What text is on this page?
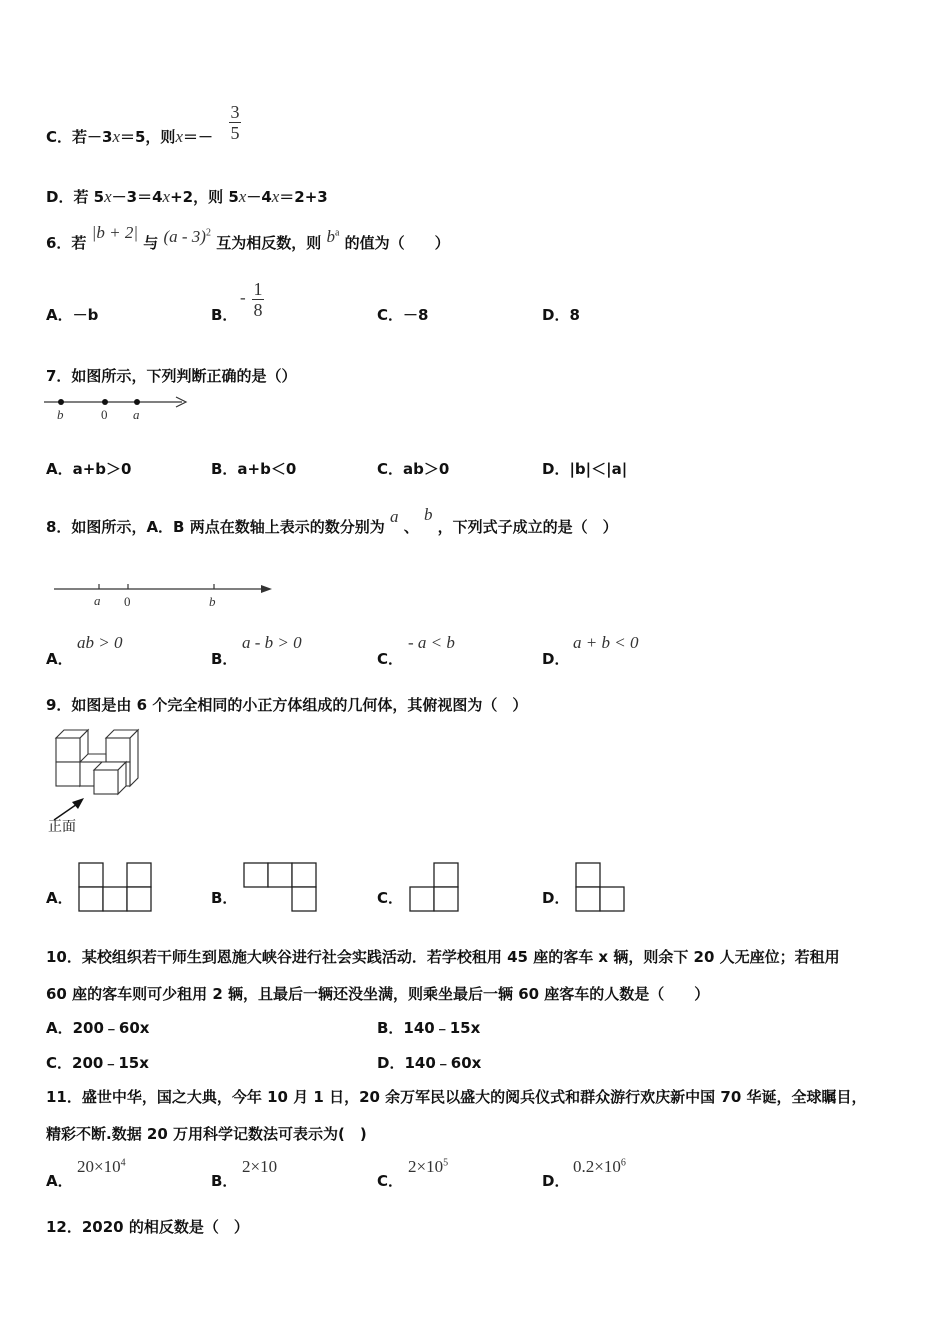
C．若－3x＝5，则$x=- \frac{3}{5}$
D．若 5x－3＝4x+2，则 5x－4x＝2+3
6．若 |b + 2| 与 (a - 3)$^2$ 互为相反数，则 $b^a$ 的值为（　　）
A．－b	B．
- $\frac{1}{8}$	C．－8	D．8
7．如图所示，下列判断正确的是（）
b	0 a
A．a+b＞0	B．a+b＜0	C．ab＞0	D．|b|＜|a|
8．如图所示，A．B 两点在数轴上表示的数分别为 a 、 b ，下列式子成立的是（　）
a 0	b
A．
ab > 0
B．
a - b > 0
C．
- a < b
D．
a + b < 0
9．如图是由 6 个完全相同的小正方体组成的几何体，其俯视图为（　）
正面
A．	B．	C．	D．
10．某校组织若干师生到恩施大峡谷进行社会实践活动．若学校租用 45 座的客车 x 辆，则余下 20 人无座位；若租用
60 座的客车则可少租用 2 辆，且最后一辆还没坐满，则乘坐最后一辆 60 座客车的人数是（　　）
A．200﹣60x	B．140﹣15x
C．200﹣15x	D．140﹣60x
11．盛世中华，国之大典，今年 10 月 1 日，20 余万军民以盛大的阅兵仪式和群众游行欢庆新中国 70 华诞，全球瞩目，
精彩不断.数据 20 万用科学记数法可表示为(　)
A．
$20\times 10^4$
B．
2×10
C．
$2\times 10^5$
D．
$0.2\times 10^6$
12．2020 的相反数是（　）
